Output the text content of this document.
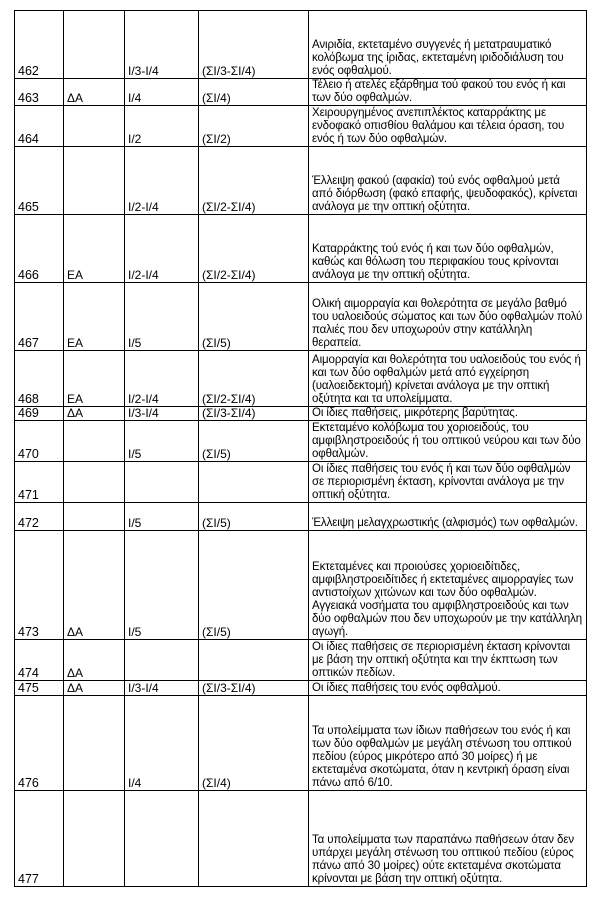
462		Ι/3-Ι/4	(ΣΙ/3-ΣΙ/4)	Ανιριδία, εκτεταμένο συγγενές ή μετατραυματικό κολόβωμα της ίριδας, εκτεταμένη ιριδοδιάλυση του ενός οφθαλμού.
463	ΔΑ	Ι/4	(ΣΙ/4)	Τέλειο ή ατελές εξάρθημα τού φακού του ενός ή και των δύο οφθαλμών.
464		Ι/2	(ΣΙ/2)	Χειρουργημένος ανεπιπλέκτος καταρράκτης με ενδοφακό οπισθίου θαλάμου και τέλεια όραση, του ενός ή των δύο οφθαλμών.
465		Ι/2-Ι/4	(ΣΙ/2-ΣΙ/4)	Έλλειψη φακού (αφακία) τού ενός οφθαλμού μετά από διόρθωση (φακό επαφής, ψευδοφακός), κρίνεται ανάλογα με την οπτική οξύτητα.
466	ΕΑ	Ι/2-Ι/4	(ΣΙ/2-ΣΙ/4)	Καταρράκτης τού ενός ή και των δύο οφθαλμών, καθώς και θόλωση του περιφακίου τους κρίνονται ανάλογα με την οπτική οξύτητα.
467	ΕΑ	Ι/5	(ΣΙ/5)	Ολική αιμορραγία και θολερότητα σε μεγάλο βαθμό του υαλοειδούς σώματος και των δύο οφθαλμών πολύ παλιές που δεν υποχωρούν στην κατάλληλη θεραπεία.
468	ΕΑ	Ι/2-Ι/4	(ΣΙ/2-ΣΙ/4)	Αιμορραγία και θολερότητα του υαλοειδούς του ενός ή και των δύο οφθαλμών μετά από εγχείρηση (υαλοειδεκτομή) κρίνεται ανάλογα με την οπτική οξύτητα και τα υπολείμματα.
469	ΔΑ	Ι/3-Ι/4	(ΣΙ/3-ΣΙ/4)	Οι ίδιες παθήσεις, μικρότερης βαρύτητας.
470		Ι/5	(ΣΙ/5)	Εκτεταμένο κολόβωμα του χοριοειδούς, του αμφιβληστροειδούς ή του οπτικού νεύρου και των δύο οφθαλμών.
471				Οι ίδιες παθήσεις του ενός ή και των δύο οφθαλμών σε περιορισμένη έκταση, κρίνονται ανάλογα με την οπτική οξύτητα.
472		Ι/5	(ΣΙ/5)	Έλλειψη μελαγχρωστικής (αλφισμός) των οφθαλμών.
473	ΔΑ	Ι/5	(ΣΙ/5)	Εκτεταμένες και προιούσες χοριοειδίτιδες, αμφιβληστροειδίτιδες ή εκτεταμένες αιμορραγίες των αντιστοίχων χιτώνων και των δύο οφθαλμών. Αγγειακά νοσήματα του αμφιβληστροειδούς και των δύο οφθαλμών που δεν υποχωρούν με την κατάλληλη αγωγή.
474	ΔΑ			Οι ίδιες παθήσεις σε περιορισμένη έκταση κρίνονται με βάση την οπτική οξύτητα και την έκπτωση των οπτικών πεδίων.
475	ΔΑ	Ι/3-Ι/4	(ΣΙ/3-ΣΙ/4)	Οι ίδιες παθήσεις του ενός οφθαλμού.
476		Ι/4	(ΣΙ/4)	Τα υπολείμματα των ίδιων παθήσεων του ενός ή και των δύο οφθαλμών με μεγάλη στένωση του οπτικού πεδίου (εύρος μικρότερο από 30 μοίρες) ή με εκτεταμένα σκοτώματα, όταν η κεντρική όραση είναι πάνω από 6/10.
477				Τα υπολείμματα των παραπάνω παθήσεων όταν δεν υπάρχει μεγάλη στένωση του οπτικού πεδίου (εύρος πάνω από 30 μοίρες) ούτε εκτεταμένα σκοτώματα κρίνονται με βάση την οπτική οξύτητα.
